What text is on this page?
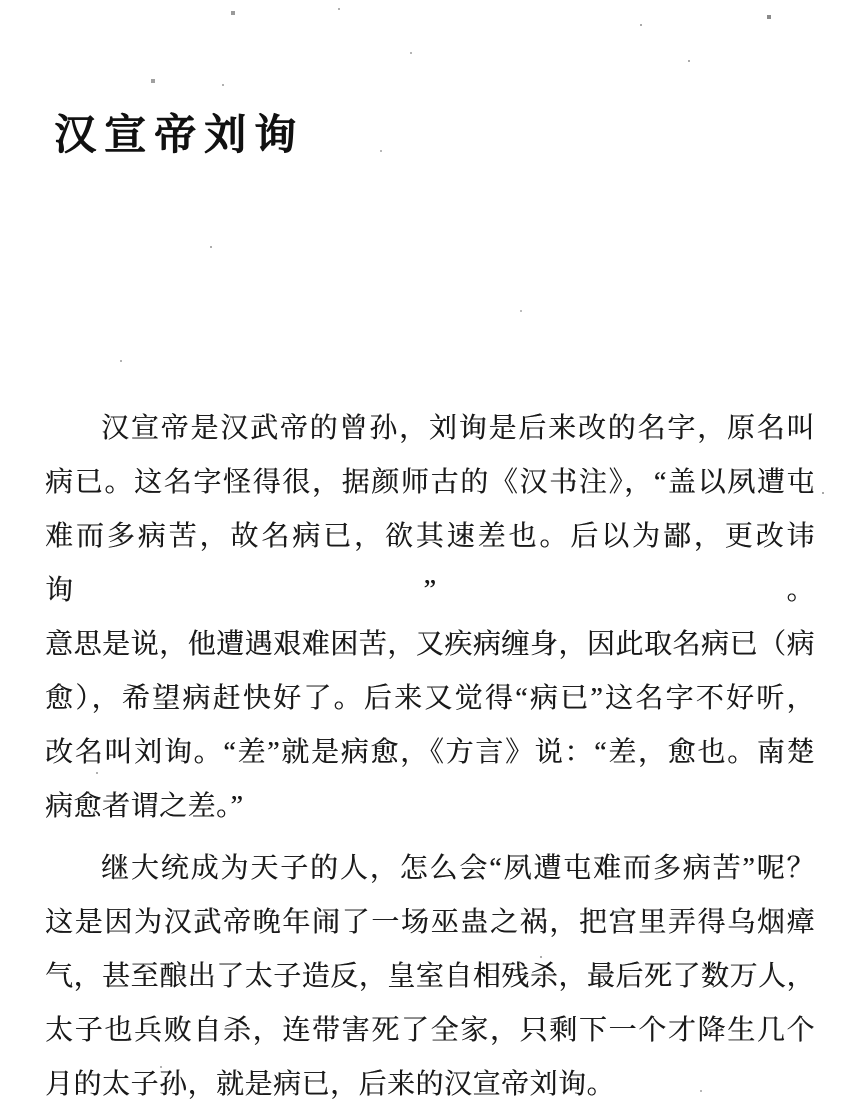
汉宣帝刘询
汉宣帝是汉武帝的曾孙，刘询是后来改的名字，原名叫
病已。这名字怪得很，据颜师古的《汉书注》，“盖以夙遭屯
难而多病苦，故名病已，欲其速差也。后以为鄙，更改讳询”。
意思是说，他遭遇艰难困苦，又疾病缠身，因此取名病已（病
愈），希望病赶快好了。后来又觉得“病已”这名字不好听，
改名叫刘询。“差”就是病愈，《方言》说：“差，愈也。南楚
病愈者谓之差。”
继大统成为天子的人，怎么会“夙遭屯难而多病苦”呢？
这是因为汉武帝晚年闹了一场巫蛊之祸，把宫里弄得乌烟瘴
气，甚至酿出了太子造反，皇室自相残杀，最后死了数万人，
太子也兵败自杀，连带害死了全家，只剩下一个才降生几个
月的太子孙，就是病已，后来的汉宣帝刘询。
